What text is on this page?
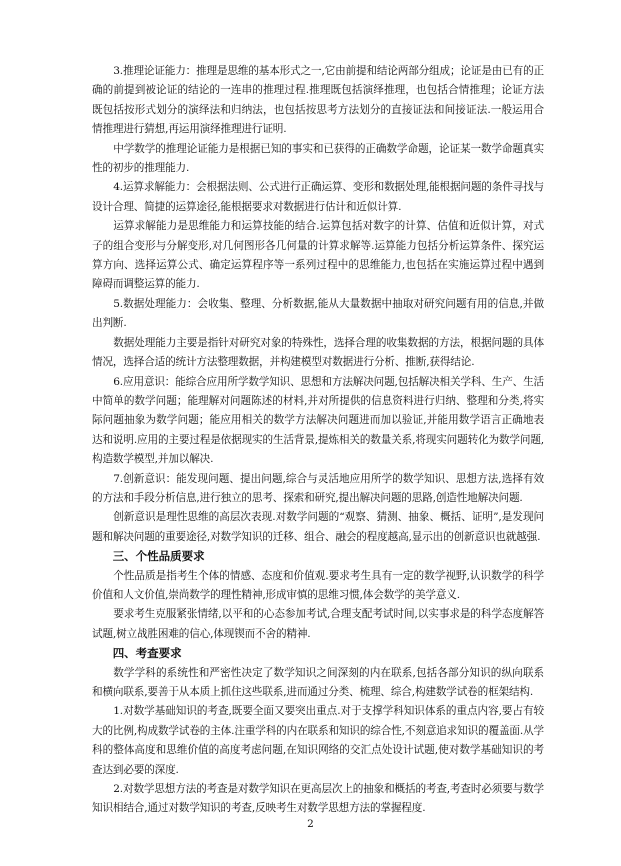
3.推理论证能力：推理是思维的基本形式之一,它由前提和结论两部分组成；论证是由已有的正确的前提到被论证的结论的一连串的推理过程.推理既包括演绎推理，也包括合情推理；论证方法既包括按形式划分的演绎法和归纳法，也包括按思考方法划分的直接证法和间接证法.一般运用合情推理进行猜想,再运用演绎推理进行证明.

中学数学的推理论证能力是根据已知的事实和已获得的正确数学命题，论证某一数学命题真实性的初步的推理能力.

4.运算求解能力：会根据法则、公式进行正确运算、变形和数据处理,能根据问题的条件寻找与设计合理、简捷的运算途径,能根据要求对数据进行估计和近似计算.

运算求解能力是思维能力和运算技能的结合.运算包括对数字的计算、估值和近似计算，对式子的组合变形与分解变形,对几何图形各几何量的计算求解等.运算能力包括分析运算条件、探究运算方向、选择运算公式、确定运算程序等一系列过程中的思维能力,也包括在实施运算过程中遇到障碍而调整运算的能力.

5.数据处理能力：会收集、整理、分析数据,能从大量数据中抽取对研究问题有用的信息,并做出判断.

数据处理能力主要是指针对研究对象的特殊性，选择合理的收集数据的方法，根据问题的具体情况，选择合适的统计方法整理数据，并构建模型对数据进行分析、推断,获得结论.

6.应用意识：能综合应用所学数学知识、思想和方法解决问题,包括解决相关学科、生产、生活中简单的数学问题；能理解对问题陈述的材料,并对所提供的信息资料进行归纳、整理和分类,将实际问题抽象为数学问题；能应用相关的数学方法解决问题进而加以验证,并能用数学语言正确地表达和说明.应用的主要过程是依据现实的生活背景,提炼相关的数量关系,将现实问题转化为数学问题,构造数学模型,并加以解决.

7.创新意识：能发现问题、提出问题,综合与灵活地应用所学的数学知识、思想方法,选择有效的方法和手段分析信息,进行独立的思考、探索和研究,提出解决问题的思路,创造性地解决问题.

创新意识是理性思维的高层次表现.对数学问题的“观察、猜测、抽象、概括、证明”,是发现问题和解决问题的重要途径,对数学知识的迁移、组合、融会的程度越高,显示出的创新意识也就越强.

三、个性品质要求

个性品质是指考生个体的情感、态度和价值观.要求考生具有一定的数学视野,认识数学的科学价值和人文价值,崇尚数学的理性精神,形成审慎的思维习惯,体会数学的美学意义.

要求考生克服紧张情绪,以平和的心态参加考试,合理支配考试时间,以实事求是的科学态度解答试题,树立战胜困难的信心,体现锲而不舍的精神.

四、考查要求

数学学科的系统性和严密性决定了数学知识之间深刻的内在联系,包括各部分知识的纵向联系和横向联系,要善于从本质上抓住这些联系,进而通过分类、梳理、综合,构建数学试卷的框架结构.

1.对数学基础知识的考查,既要全面又要突出重点.对于支撑学科知识体系的重点内容,要占有较大的比例,构成数学试卷的主体.注重学科的内在联系和知识的综合性,不刻意追求知识的覆盖面.从学科的整体高度和思维价值的高度考虑问题,在知识网络的交汇点处设计试题,使对数学基础知识的考查达到必要的深度.

2.对数学思想方法的考查是对数学知识在更高层次上的抽象和概括的考查,考查时必须要与数学知识相结合,通过对数学知识的考查,反映考生对数学思想方法的掌握程度.

2
